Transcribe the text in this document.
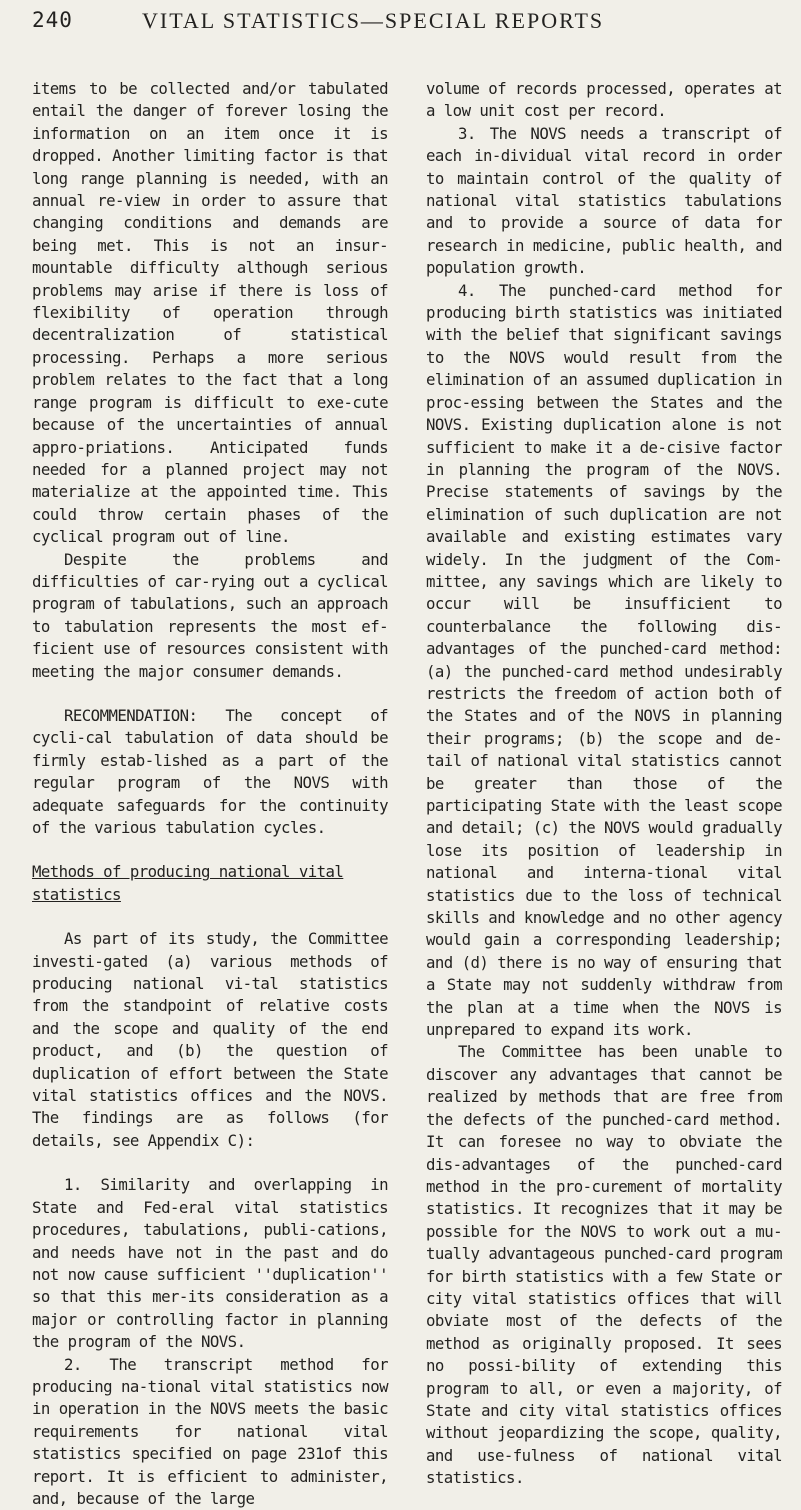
240	VITAL STATISTICS—SPECIAL REPORTS

items to be collected and/or tabulated entail the danger of forever losing the information on an item once it is dropped. Another limiting factor is that long range planning is needed, with an annual re-view in order to assure that changing conditions and demands are being met. This is not an insur-mountable difficulty although serious problems may arise if there is loss of flexibility of operation through decentralization of statistical processing. Perhaps a more serious problem relates to the fact that a long range program is difficult to exe-cute because of the uncertainties of annual appro-priations. Anticipated funds needed for a planned project may not materialize at the appointed time. This could throw certain phases of the cyclical program out of line.

Despite the problems and difficulties of car-rying out a cyclical program of tabulations, such an approach to tabulation represents the most ef-ficient use of resources consistent with meeting the major consumer demands.

RECOMMENDATION: The concept of cycli-cal tabulation of data should be firmly estab-lished as a part of the regular program of the NOVS with adequate safeguards for the continuity of the various tabulation cycles.

Methods of producing national vital statistics

As part of its study, the Committee investi-gated (a) various methods of producing national vi-tal statistics from the standpoint of relative costs and the scope and quality of the end product, and (b) the question of duplication of effort between the State vital statistics offices and the NOVS. The findings are as follows (for details, see Appendix C):

1. Similarity and overlapping in State and Fed-eral vital statistics procedures, tabulations, publi-cations, and needs have not in the past and do not now cause sufficient ''duplication'' so that this mer-its consideration as a major or controlling factor in planning the program of the NOVS.

2. The transcript method for producing na-tional vital statistics now in operation in the NOVS meets the basic requirements for national vital statistics specified on page 231of this report. It is efficient to administer, and, because of the large

volume of records processed, operates at a low unit cost per record.

3. The NOVS needs a transcript of each in-dividual vital record in order to maintain control of the quality of national vital statistics tabulations and to provide a source of data for research in medicine, public health, and population growth.

4. The punched-card method for producing birth statistics was initiated with the belief that significant savings to the NOVS would result from the elimination of an assumed duplication in proc-essing between the States and the NOVS. Existing duplication alone is not sufficient to make it a de-cisive factor in planning the program of the NOVS. Precise statements of savings by the elimination of such duplication are not available and existing estimates vary widely. In the judgment of the Com-mittee, any savings which are likely to occur will be insufficient to counterbalance the following dis-advantages of the punched-card method: (a) the punched-card method undesirably restricts the freedom of action both of the States and of the NOVS in planning their programs; (b) the scope and de-tail of national vital statistics cannot be greater than those of the participating State with the least scope and detail; (c) the NOVS would gradually lose its position of leadership in national and interna-tional vital statistics due to the loss of technical skills and knowledge and no other agency would gain a corresponding leadership; and (d) there is no way of ensuring that a State may not suddenly withdraw from the plan at a time when the NOVS is unprepared to expand its work.

The Committee has been unable to discover any advantages that cannot be realized by methods that are free from the defects of the punched-card method. It can foresee no way to obviate the dis-advantages of the punched-card method in the pro-curement of mortality statistics. It recognizes that it may be possible for the NOVS to work out a mu-tually advantageous punched-card program for birth statistics with a few State or city vital statistics offices that will obviate most of the defects of the method as originally proposed. It sees no possi-bility of extending this program to all, or even a majority, of State and city vital statistics offices without jeopardizing the scope, quality, and use-fulness of national vital statistics.
